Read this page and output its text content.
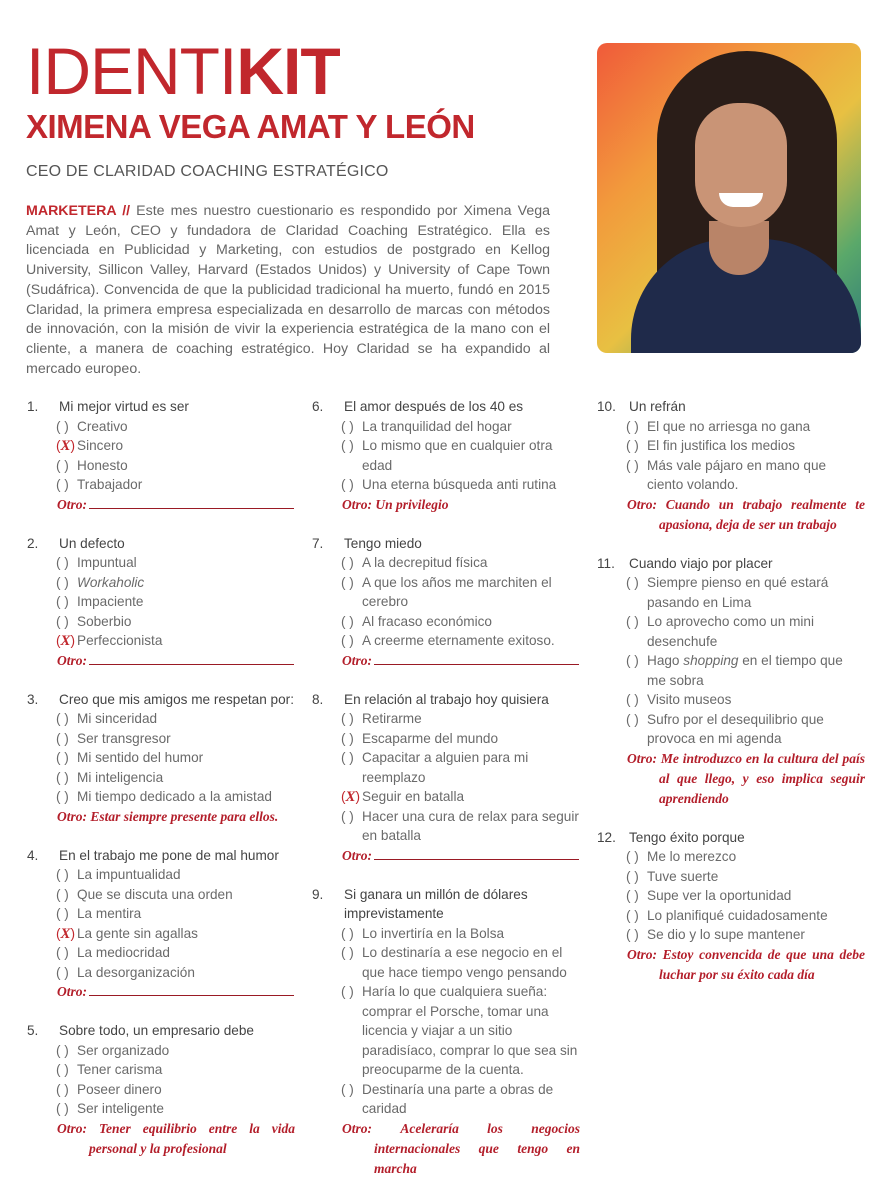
IDENTIKIT
XIMENA VEGA AMAT Y LEÓN
CEO DE CLARIDAD COACHING ESTRATÉGICO
MARKETERA // Este mes nuestro cuestionario es respondido por Ximena Vega Amat y León, CEO y fundadora de Claridad Coaching Estratégico. Ella es licenciada en Publicidad y Marketing, con estudios de postgrado en Kellog University, Sillicon Valley, Harvard (Estados Unidos) y University of Cape Town (Sudáfrica). Convencida de que la publicidad tradicional ha muerto, fundó en 2015 Claridad, la primera empresa especializada en desarrollo de marcas con métodos de innovación, con la misión de vivir la experiencia estratégica de la mano con el cliente, a manera de coaching estratégico. Hoy Claridad se ha expandido al mercado europeo.
1.	Mi mejor virtud es ser
( ) Creativo
(X) Sincero
( ) Honesto
( ) Trabajador
Otro:
2.	Un defecto
( ) Impuntual
( ) Workaholic
( ) Impaciente
( ) Soberbio
(X) Perfeccionista
Otro:
3.	Creo que mis amigos me respetan por:
( ) Mi sinceridad
( ) Ser transgresor
( ) Mi sentido del humor
( ) Mi inteligencia
( ) Mi tiempo dedicado a la amistad
Otro: Estar siempre presente para ellos.
4.	En el trabajo me pone de mal humor
( ) La impuntualidad
( ) Que se discuta una orden
( ) La mentira
(X) La gente sin agallas
( ) La mediocridad
( ) La desorganización
Otro:
5.	Sobre todo, un empresario debe
( ) Ser organizado
( ) Tener carisma
( ) Poseer dinero
( ) Ser inteligente
Otro: Tener equilibrio entre la vida personal y la profesional
6.	El amor después de los 40 es
( ) La tranquilidad del hogar
( ) Lo mismo que en cualquier otra edad
( ) Una eterna búsqueda anti rutina
Otro: Un privilegio
7.	Tengo miedo
( ) A la decrepitud física
( ) A que los años me marchiten el cerebro
( ) Al fracaso económico
( ) A creerme eternamente exitoso.
Otro:
8.	En relación al trabajo hoy quisiera
( ) Retirarme
( ) Escaparme del mundo
( ) Capacitar a alguien para mi reemplazo
(X) Seguir en batalla
( ) Hacer una cura de relax para seguir en batalla
Otro:
9.	Si ganara un millón de dólares imprevistamente
( ) Lo invertiría en la Bolsa
( ) Lo destinaría a ese negocio en el que hace tiempo vengo pensando
( ) Haría lo que cualquiera sueña: comprar el Porsche, tomar una licencia y viajar a un sitio paradisíaco, comprar lo que sea sin preocuparme de la cuenta.
( ) Destinaría una parte a obras de caridad
Otro: Aceleraría los negocios internacionales que tengo en marcha
10. Un refrán
( ) El que no arriesga no gana
( ) El fin justifica los medios
( ) Más vale pájaro en mano que ciento volando.
Otro: Cuando un trabajo realmente te apasiona, deja de ser un trabajo
11.	Cuando viajo por placer
( ) Siempre pienso en qué estará pasando en Lima
( ) Lo aprovecho como un mini desenchufe
( ) Hago shopping en el tiempo que me sobra
( ) Visito museos
( ) Sufro por el desequilibrio que provoca en mi agenda
Otro: Me introduzco en la cultura del país al que llego, y eso implica seguir aprendiendo
12. Tengo éxito porque
( ) Me lo merezco
( ) Tuve suerte
( ) Supe ver la oportunidad
( ) Lo planifiqué cuidadosamente
( ) Se dio y lo supe mantener
Otro: Estoy convencida de que una debe luchar por su éxito cada día
